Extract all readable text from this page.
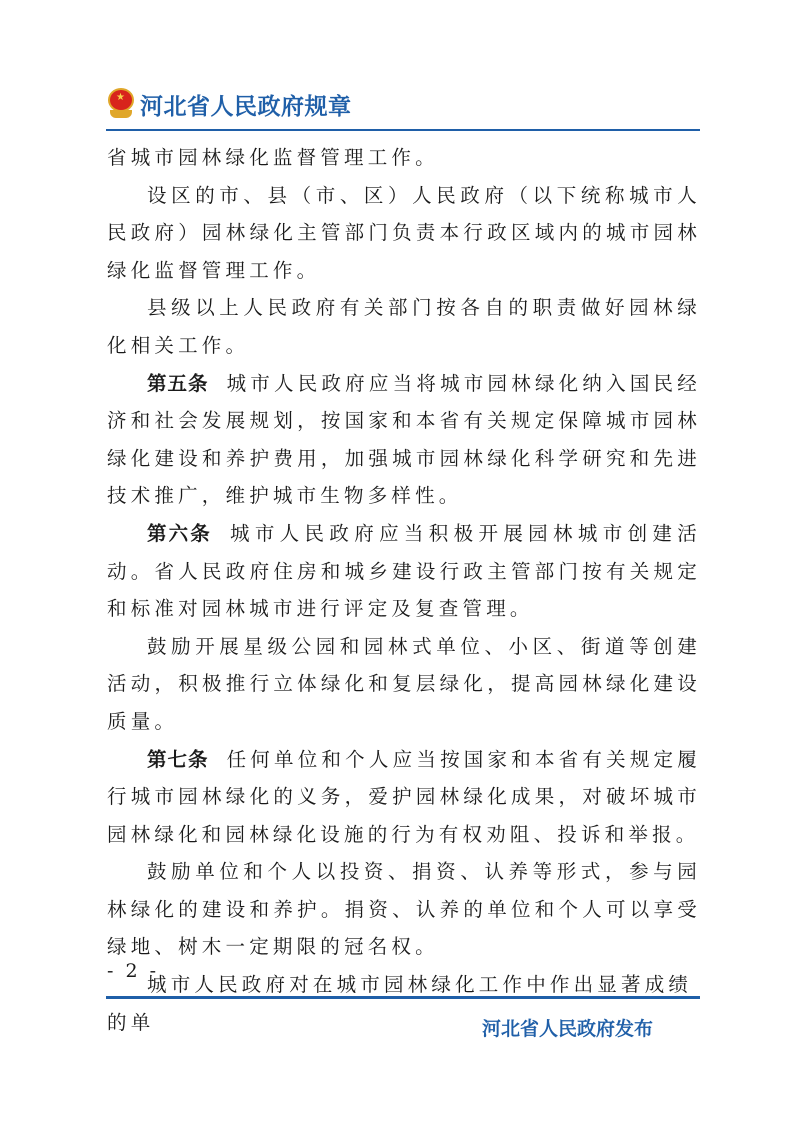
★ 河北省人民政府规章

省城市园林绿化监督管理工作。

设区的市、县（市、区）人民政府（以下统称城市人民政府）园林绿化主管部门负责本行政区域内的城市园林绿化监督管理工作。

县级以上人民政府有关部门按各自的职责做好园林绿化相关工作。

第五条 城市人民政府应当将城市园林绿化纳入国民经济和社会发展规划，按国家和本省有关规定保障城市园林绿化建设和养护费用，加强城市园林绿化科学研究和先进技术推广，维护城市生物多样性。

第六条 城市人民政府应当积极开展园林城市创建活动。省人民政府住房和城乡建设行政主管部门按有关规定和标准对园林城市进行评定及复查管理。

鼓励开展星级公园和园林式单位、小区、街道等创建活动，积极推行立体绿化和复层绿化，提高园林绿化建设质量。

第七条 任何单位和个人应当按国家和本省有关规定履行城市园林绿化的义务，爱护园林绿化成果，对破坏城市园林绿化和园林绿化设施的行为有权劝阻、投诉和举报。

鼓励单位和个人以投资、捐资、认养等形式，参与园林绿化的建设和养护。捐资、认养的单位和个人可以享受绿地、树木一定期限的冠名权。

城市人民政府对在城市园林绿化工作中作出显著成绩的单

- 2 -
河北省人民政府发布
